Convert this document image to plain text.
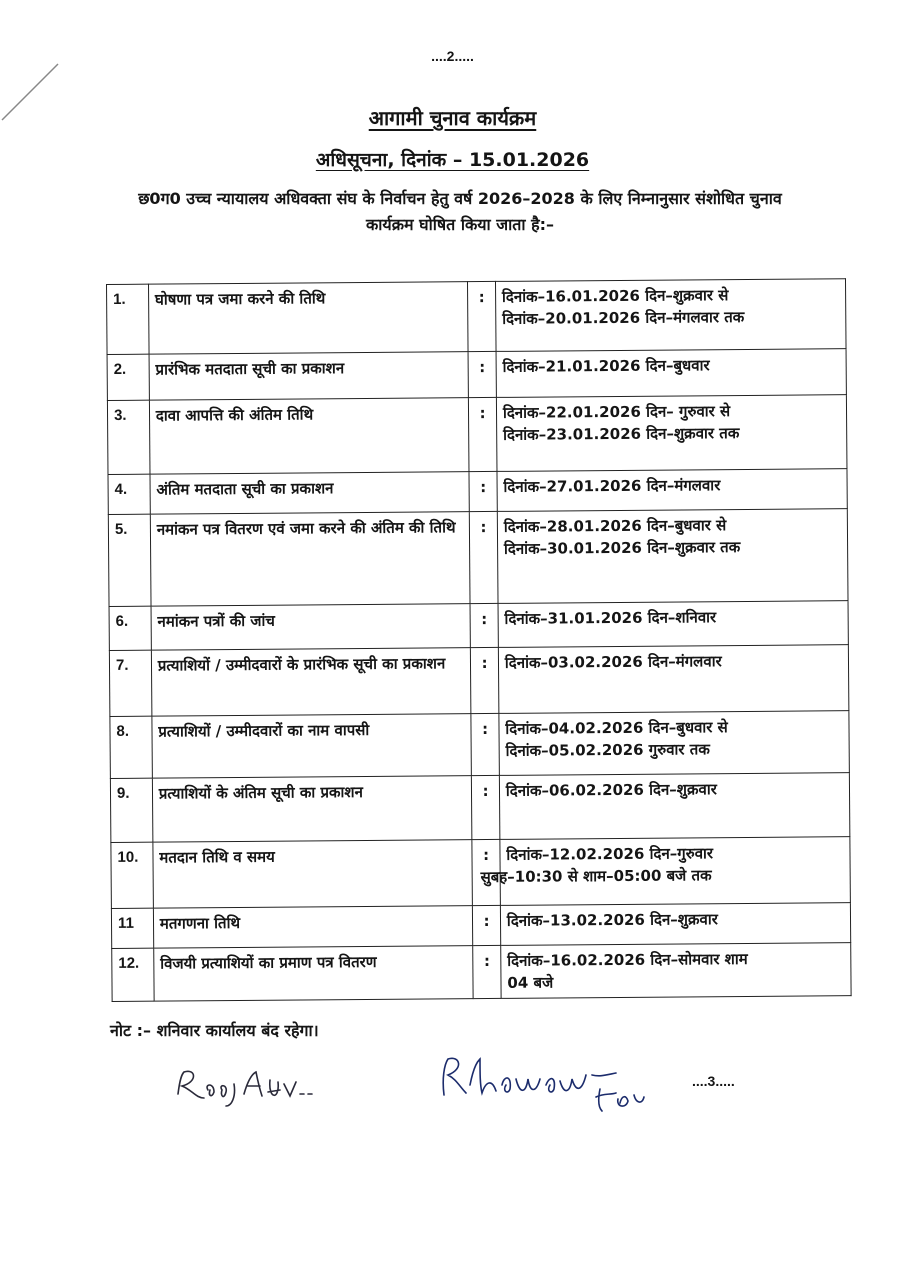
....2.....
आगामी चुनाव कार्यक्रम
अधिसूचना, दिनांक – 15.01.2026
छ0ग0 उच्च न्यायालय अधिवक्ता संघ के निर्वाचन हेतु वर्ष 2026–2028 के लिए निम्नानुसार संशोधित चुनाव कार्यक्रम घोषित किया जाता है:–
1.	घोषणा पत्र जमा करने की तिथि	:	दिनांक–16.01.2026 दिन–शुक्रवार से
दिनांक–20.01.2026 दिन–मंगलवार तक

2.	प्रारंभिक मतदाता सूची का प्रकाशन	:	दिनांक–21.01.2026 दिन–बुधवार

3.	दावा आपत्ति की अंतिम तिथि	:	दिनांक–22.01.2026 दिन– गुरुवार से
दिनांक–23.01.2026 दिन–शुक्रवार तक

4.	अंतिम मतदाता सूची का प्रकाशन	:	दिनांक–27.01.2026 दिन–मंगलवार

5.	नमांकन पत्र वितरण एवं जमा करने की अंतिम की तिथि	:	दिनांक–28.01.2026 दिन–बुधवार से
दिनांक–30.01.2026 दिन–शुक्रवार तक

6.	नमांकन पत्रों की जांच	:	दिनांक–31.01.2026 दिन–शनिवार

7.	प्रत्याशियों / उम्मीदवारों के प्रारंभिक सूची का प्रकाशन	:	दिनांक–03.02.2026 दिन–मंगलवार

8.	प्रत्याशियों / उम्मीदवारों का नाम वापसी	:	दिनांक–04.02.2026 दिन–बुधवार से
दिनांक–05.02.2026 गुरुवार तक

9.	प्रत्याशियों के अंतिम सूची का प्रकाशन	:	दिनांक–06.02.2026 दिन–शुक्रवार

10.	मतदान तिथि व समय	:	दिनांक–12.02.2026 दिन–गुरुवार
सुबह–10:30 से शाम–05:00 बजे तक

11	मतगणना तिथि	:	दिनांक–13.02.2026 दिन–शुक्रवार

12.	विजयी प्रत्याशियों का प्रमाण पत्र वितरण	:	दिनांक–16.02.2026 दिन–सोमवार शाम
04 बजे
नोट :– शनिवार कार्यालय बंद रहेगा।
....3.....
